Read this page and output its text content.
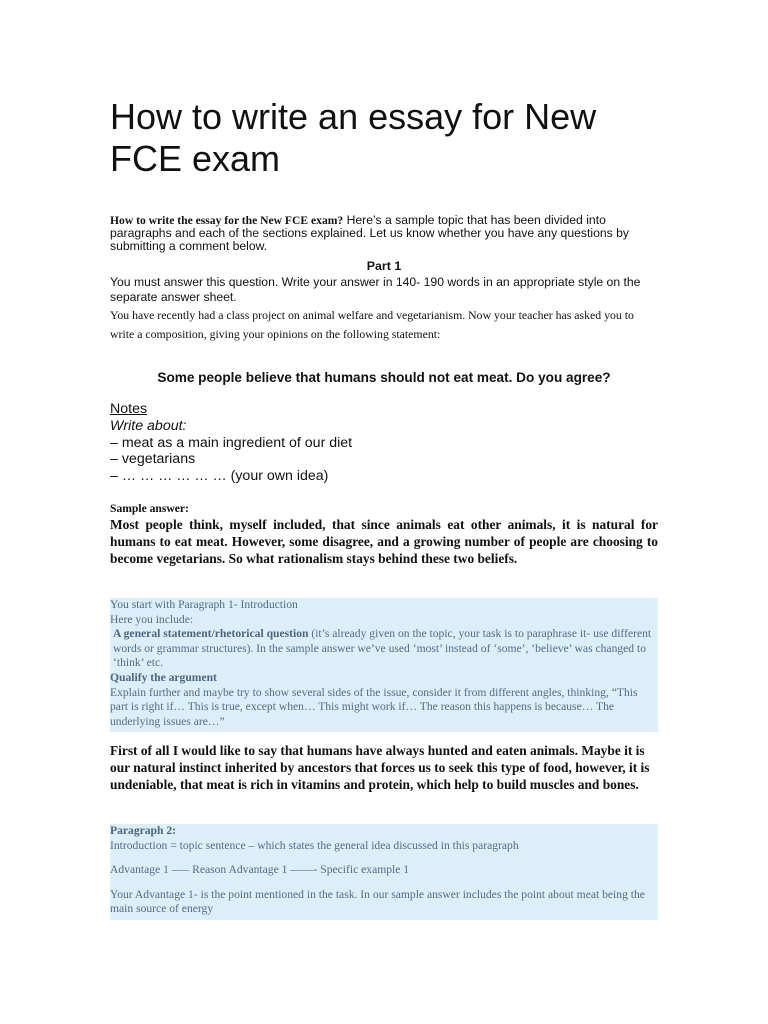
How to write an essay for New FCE exam
How to write the essay for the New FCE exam? Here’s a sample topic that has been divided into paragraphs and each of the sections explained. Let us know whether you have any questions by submitting a comment below.
Part 1
You must answer this question. Write your answer in 140- 190 words in an appropriate style on the separate answer sheet.
You have recently had a class project on animal welfare and vegetarianism. Now your teacher has asked you to write a composition, giving your opinions on the following statement:
Some people believe that humans should not eat meat. Do you agree?
Notes
Write about:
– meat as a main ingredient of our diet
– vegetarians
– … … … … … … (your own idea)
Sample answer:
Most people think, myself included, that since animals eat other animals, it is natural for humans to eat meat. However, some disagree, and a growing number of people are choosing to become vegetarians. So what rationalism stays behind these two beliefs.
You start with Paragraph 1- Introduction
Here you include:
A general statement/rhetorical question (it’s already given on the topic, your task is to paraphrase it- use different words or grammar structures). In the sample answer we’ve used ‘most’ instead of ‘some’, ‘believe’ was changed to ‘think’ etc.
Qualify the argument
Explain further and maybe try to show several sides of the issue, consider it from different angles, thinking, “This part is right if… This is true, except when… This might work if… The reason this happens is because… The underlying issues are…”
First of all I would like to say that humans have always hunted and eaten animals. Maybe it is our natural instinct inherited by ancestors that forces us to seek this type of food, however, it is undeniable, that meat is rich in vitamins and protein, which help to build muscles and bones.
Paragraph 2:
Introduction = topic sentence – which states the general idea discussed in this paragraph
Advantage 1 ––– Reason Advantage 1 ––––- Specific example 1
Your Advantage 1- is the point mentioned in the task. In our sample answer includes the point about meat being the main source of energy
